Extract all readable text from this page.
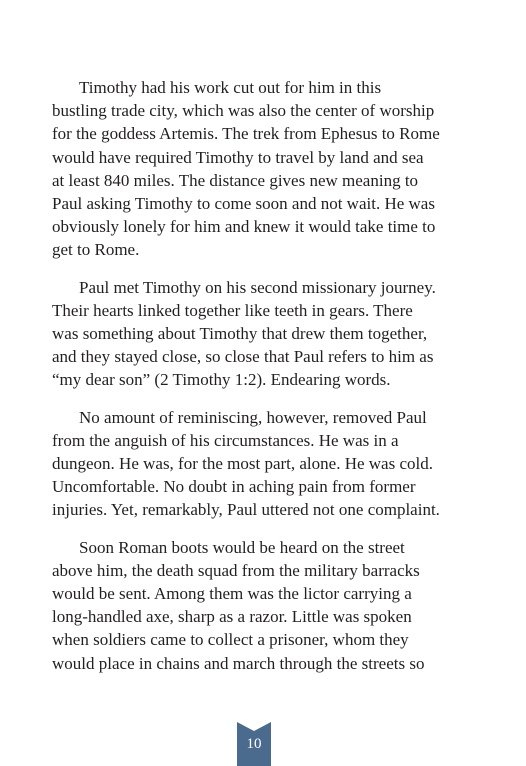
Timothy had his work cut out for him in this
bustling trade city, which was also the center of worship
for the goddess Artemis. The trek from Ephesus to Rome
would have required Timothy to travel by land and sea
at least 840 miles. The distance gives new meaning to
Paul asking Timothy to come soon and not wait. He was
obviously lonely for him and knew it would take time to
get to Rome.

Paul met Timothy on his second missionary journey.
Their hearts linked together like teeth in gears. There
was something about Timothy that drew them together,
and they stayed close, so close that Paul refers to him as
“my dear son” (2 Timothy 1:2). Endearing words.

No amount of reminiscing, however, removed Paul
from the anguish of his circumstances. He was in a
dungeon. He was, for the most part, alone. He was cold.
Uncomfortable. No doubt in aching pain from former
injuries. Yet, remarkably, Paul uttered not one complaint.

Soon Roman boots would be heard on the street
above him, the death squad from the military barracks
would be sent. Among them was the lictor carrying a
long-handled axe, sharp as a razor. Little was spoken
when soldiers came to collect a prisoner, whom they
would place in chains and march through the streets so

10
